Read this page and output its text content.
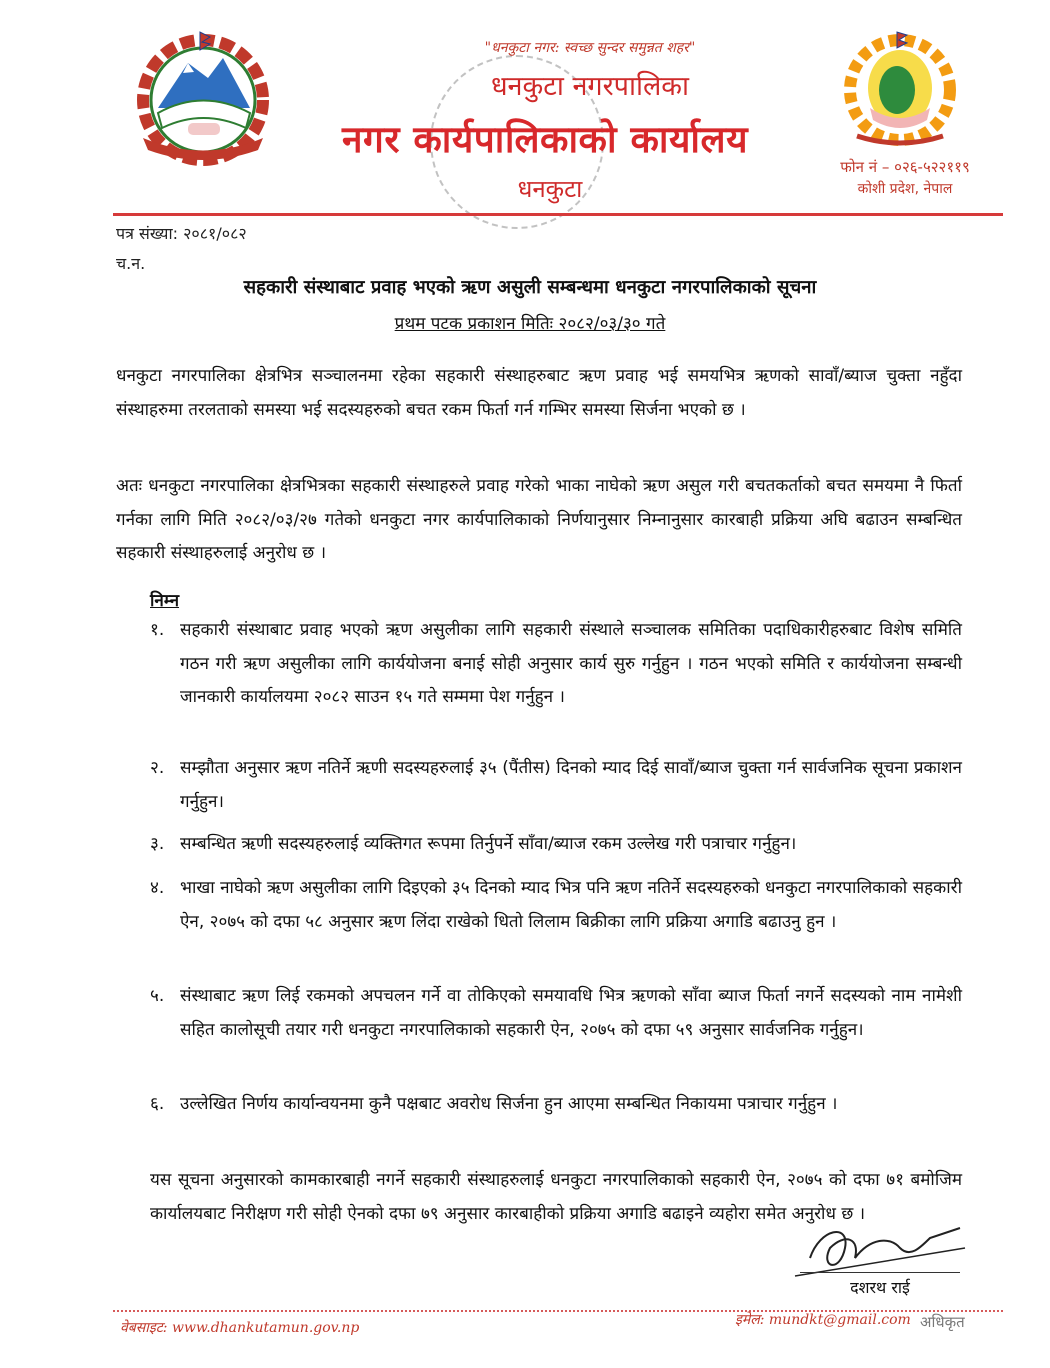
"धनकुटा नगर: स्वच्छ सुन्दर समुन्नत शहर"
धनकुटा नगरपालिका
नगर कार्यपालिकाको कार्यालय
धनकुटा
फोन नं – ०२६-५२२११९
कोशी प्रदेश, नेपाल
पत्र संख्या: २०८१/०८२
च.न.
सहकारी संस्थाबाट प्रवाह भएको ऋण असुली सम्बन्धमा धनकुटा नगरपालिकाको सूचना
प्रथम पटक प्रकाशन मितिः २०८२/०३/३० गते
धनकुटा नगरपालिका क्षेत्रभित्र सञ्चालनमा रहेका सहकारी संस्थाहरुबाट ऋण प्रवाह भई समयभित्र ऋणको सावाँ/ब्याज चुक्ता नहुँदा संस्थाहरुमा तरलताको समस्या भई सदस्यहरुको बचत रकम फिर्ता गर्न गम्भिर समस्या सिर्जना भएको छ ।
अतः धनकुटा नगरपालिका क्षेत्रभित्रका सहकारी संस्थाहरुले प्रवाह गरेको भाका नाघेको ऋण असुल गरी बचतकर्ताको बचत समयमा नै फिर्ता गर्नका लागि मिति २०८२/०३/२७ गतेको धनकुटा नगर कार्यपालिकाको निर्णयानुसार निम्नानुसार कारबाही प्रक्रिया अघि बढाउन सम्बन्धित सहकारी संस्थाहरुलाई अनुरोध छ ।
निम्न
१. सहकारी संस्थाबाट प्रवाह भएको ऋण असुलीका लागि सहकारी संस्थाले सञ्चालक समितिका पदाधिकारीहरुबाट विशेष समिति गठन गरी ऋण असुलीका लागि कार्ययोजना बनाई सोही अनुसार कार्य सुरु गर्नुहुन । गठन भएको समिति र कार्ययोजना सम्बन्धी जानकारी कार्यालयमा २०८२ साउन १५ गते सम्ममा पेश गर्नुहुन ।
२. सम्झौता अनुसार ऋण नतिर्ने ऋणी सदस्यहरुलाई ३५ (पैंतीस) दिनको म्याद दिई सावाँ/ब्याज चुक्ता गर्न सार्वजनिक सूचना प्रकाशन गर्नुहुन।
३. सम्बन्धित ऋणी सदस्यहरुलाई व्यक्तिगत रूपमा तिर्नुपर्ने साँवा/ब्याज रकम उल्लेख गरी पत्राचार गर्नुहुन।
४. भाखा नाघेको ऋण असुलीका लागि दिइएको ३५ दिनको म्याद भित्र पनि ऋण नतिर्ने सदस्यहरुको धनकुटा नगरपालिकाको सहकारी ऐन, २०७५ को दफा ५८ अनुसार ऋण लिंदा राखेको धितो लिलाम बिक्रीका लागि प्रक्रिया अगाडि बढाउनु हुन ।
५. संस्थाबाट ऋण लिई रकमको अपचलन गर्ने वा तोकिएको समयावधि भित्र ऋणको साँवा ब्याज फिर्ता नगर्ने सदस्यको नाम नामेशी सहित कालोसूची तयार गरी धनकुटा नगरपालिकाको सहकारी ऐन, २०७५ को दफा ५९ अनुसार सार्वजनिक गर्नुहुन।
६. उल्लेखित निर्णय कार्यान्वयनमा कुनै पक्षबाट अवरोध सिर्जना हुन आएमा सम्बन्धित निकायमा पत्राचार गर्नुहुन ।
यस सूचना अनुसारको कामकारबाही नगर्ने सहकारी संस्थाहरुलाई धनकुटा नगरपालिकाको सहकारी ऐन, २०७५ को दफा ७१ बमोजिम कार्यालयबाट निरीक्षण गरी सोही ऐनको दफा ७९ अनुसार कारबाहीको प्रक्रिया अगाडि बढाइने व्यहोरा समेत अनुरोध छ ।
दशरथ राई
वेबसाइट: www.dhankutamun.gov.np	इमेल: mundkt@gmail.com अधिकृत
